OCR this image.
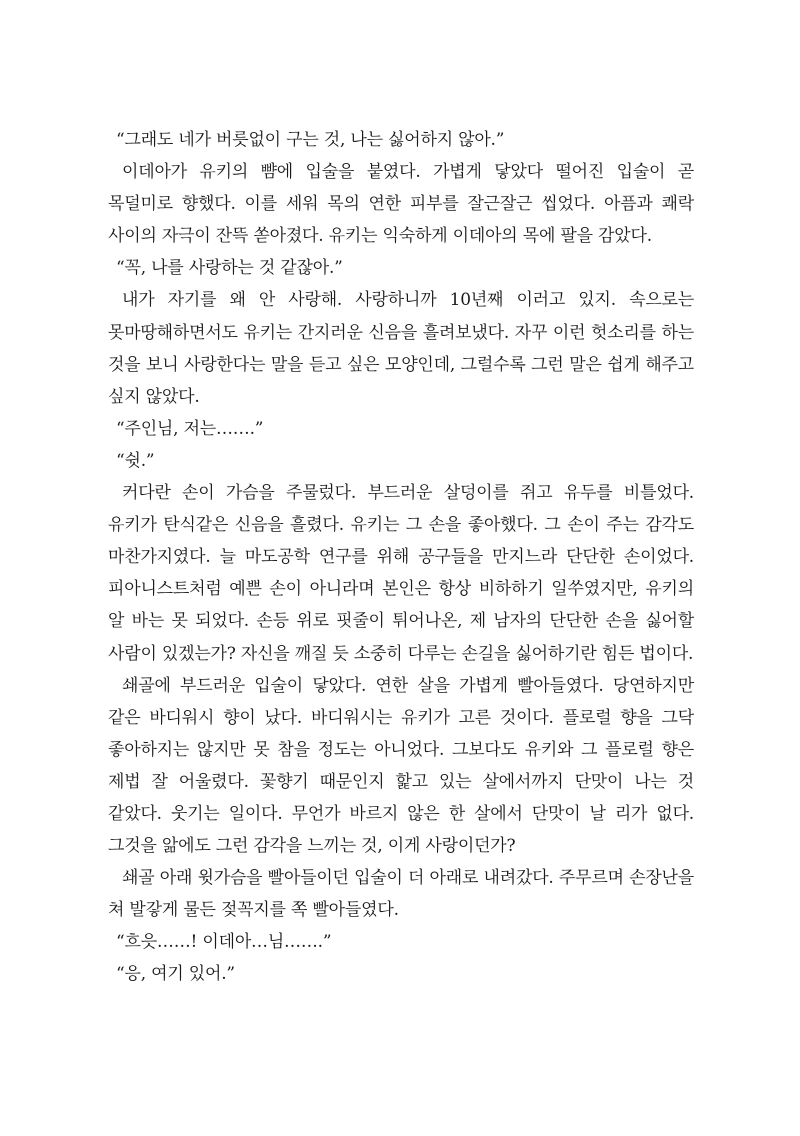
“그래도 네가 버릇없이 구는 것, 나는 싫어하지 않아.”

이데아가 유키의 뺨에 입술을 붙였다. 가볍게 닿았다 떨어진 입술이 곧 목덜미로 향했다. 이를 세워 목의 연한 피부를 잘근잘근 씹었다. 아픔과 쾌락 사이의 자극이 잔뜩 쏟아졌다. 유키는 익숙하게 이데아의 목에 팔을 감았다.

“꼭, 나를 사랑하는 것 같잖아.”

내가 자기를 왜 안 사랑해. 사랑하니까 10년째 이러고 있지. 속으로는 못마땅해하면서도 유키는 간지러운 신음을 흘려보냈다. 자꾸 이런 헛소리를 하는 것을 보니 사랑한다는 말을 듣고 싶은 모양인데, 그럴수록 그런 말은 쉽게 해주고 싶지 않았다.

“주인님, 저는…….”

“쉿.”

커다란 손이 가슴을 주물렀다. 부드러운 살덩이를 쥐고 유두를 비틀었다. 유키가 탄식같은 신음을 흘렸다. 유키는 그 손을 좋아했다. 그 손이 주는 감각도 마찬가지였다. 늘 마도공학 연구를 위해 공구들을 만지느라 단단한 손이었다. 피아니스트처럼 예쁜 손이 아니라며 본인은 항상 비하하기 일쑤였지만, 유키의 알 바는 못 되었다. 손등 위로 핏줄이 튀어나온, 제 남자의 단단한 손을 싫어할 사람이 있겠는가? 자신을 깨질 듯 소중히 다루는 손길을 싫어하기란 힘든 법이다.

쇄골에 부드러운 입술이 닿았다. 연한 살을 가볍게 빨아들였다. 당연하지만 같은 바디워시 향이 났다. 바디워시는 유키가 고른 것이다. 플로럴 향을 그닥 좋아하지는 않지만 못 참을 정도는 아니었다. 그보다도 유키와 그 플로럴 향은 제법 잘 어울렸다. 꽃향기 때문인지 핥고 있는 살에서까지 단맛이 나는 것 같았다. 웃기는 일이다. 무언가 바르지 않은 한 살에서 단맛이 날 리가 없다. 그것을 앎에도 그런 감각을 느끼는 것, 이게 사랑이던가?

쇄골 아래 윗가슴을 빨아들이던 입술이 더 아래로 내려갔다. 주무르며 손장난을 쳐 발갛게 물든 젖꼭지를 쪽 빨아들였다.

“흐읏……! 이데아…님…….”

“응, 여기 있어.”
